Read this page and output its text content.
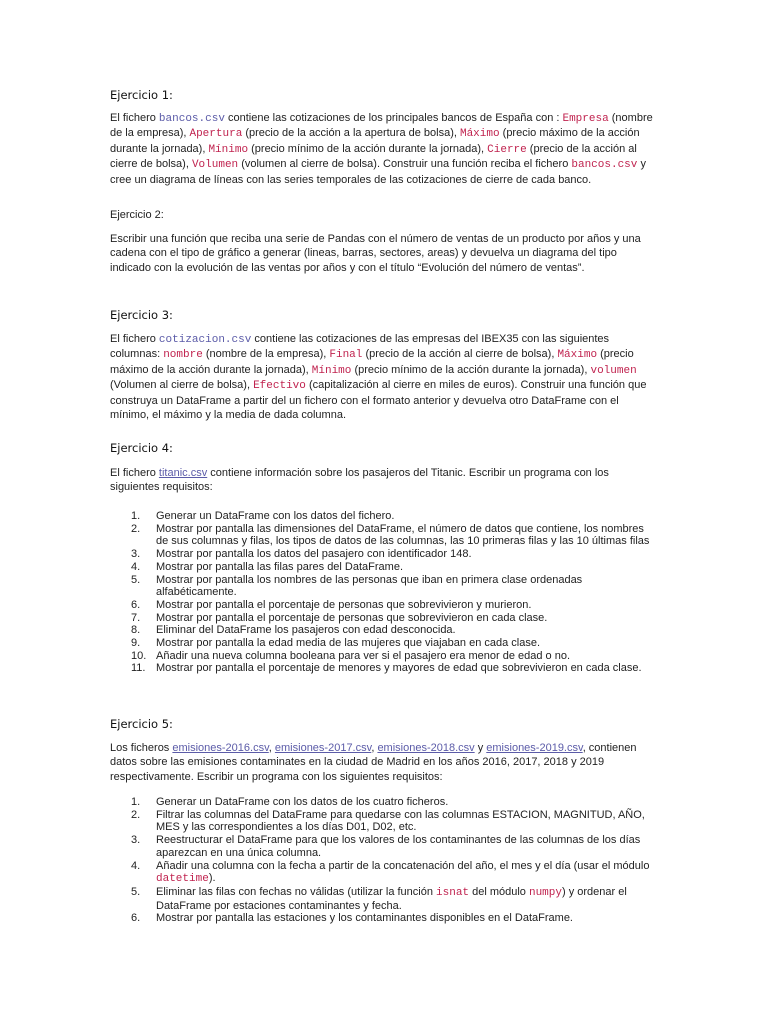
Ejercicio 1:

El fichero bancos.csv contiene las cotizaciones de los principales bancos de España con : Empresa (nombre de la empresa), Apertura (precio de la acción a la apertura de bolsa), Máximo (precio máximo de la acción durante la jornada), Mínimo (precio mínimo de la acción durante la jornada), Cierre (precio de la acción al cierre de bolsa), Volumen (volumen al cierre de bolsa). Construir una función reciba el fichero bancos.csv y cree un diagrama de líneas con las series temporales de las cotizaciones de cierre de cada banco.

Ejercicio 2:

Escribir una función que reciba una serie de Pandas con el número de ventas de un producto por años y una cadena con el tipo de gráfico a generar (lineas, barras, sectores, areas) y devuelva un diagrama del tipo indicado con la evolución de las ventas por años y con el título “Evolución del número de ventas”.

Ejercicio 3:

El fichero cotizacion.csv contiene las cotizaciones de las empresas del IBEX35 con las siguientes columnas: nombre (nombre de la empresa), Final (precio de la acción al cierre de bolsa), Máximo (precio máximo de la acción durante la jornada), Mínimo (precio mínimo de la acción durante la jornada), volumen (Volumen al cierre de bolsa), Efectivo (capitalización al cierre en miles de euros). Construir una función que construya un DataFrame a partir del un fichero con el formato anterior y devuelva otro DataFrame con el mínimo, el máximo y la media de dada columna.

Ejercicio 4:

El fichero titanic.csv contiene información sobre los pasajeros del Titanic. Escribir un programa con los siguientes requisitos:

1.	Generar un DataFrame con los datos del fichero.
2.	Mostrar por pantalla las dimensiones del DataFrame, el número de datos que contiene, los nombres de sus columnas y filas, los tipos de datos de las columnas, las 10 primeras filas y las 10 últimas filas
3.	Mostrar por pantalla los datos del pasajero con identificador 148.
4.	Mostrar por pantalla las filas pares del DataFrame.
5.	Mostrar por pantalla los nombres de las personas que iban en primera clase ordenadas alfabéticamente.
6.	Mostrar por pantalla el porcentaje de personas que sobrevivieron y murieron.
7.	Mostrar por pantalla el porcentaje de personas que sobrevivieron en cada clase.
8.	Eliminar del DataFrame los pasajeros con edad desconocida.
9.	Mostrar por pantalla la edad media de las mujeres que viajaban en cada clase.
10. Añadir una nueva columna booleana para ver si el pasajero era menor de edad o no.
11. Mostrar por pantalla el porcentaje de menores y mayores de edad que sobrevivieron en cada clase.
Ejercicio 5:

Los ficheros emisiones-2016.csv, emisiones-2017.csv, emisiones-2018.csv y emisiones-2019.csv, contienen datos sobre las emisiones contaminates en la ciudad de Madrid en los años 2016, 2017, 2018 y 2019 respectivamente. Escribir un programa con los siguientes requisitos:

1.	Generar un DataFrame con los datos de los cuatro ficheros.
2.	Filtrar las columnas del DataFrame para quedarse con las columnas ESTACION, MAGNITUD, AÑO, MES y las correspondientes a los días D01, D02, etc.
3.	Reestructurar el DataFrame para que los valores de los contaminantes de las columnas de los días aparezcan en una única columna.
4.	Añadir una columna con la fecha a partir de la concatenación del año, el mes y el día (usar el módulo datetime).
5.	Eliminar las filas con fechas no válidas (utilizar la función isnat del módulo numpy) y ordenar el DataFrame por estaciones contaminantes y fecha.
6.	Mostrar por pantalla las estaciones y los contaminantes disponibles en el DataFrame.
